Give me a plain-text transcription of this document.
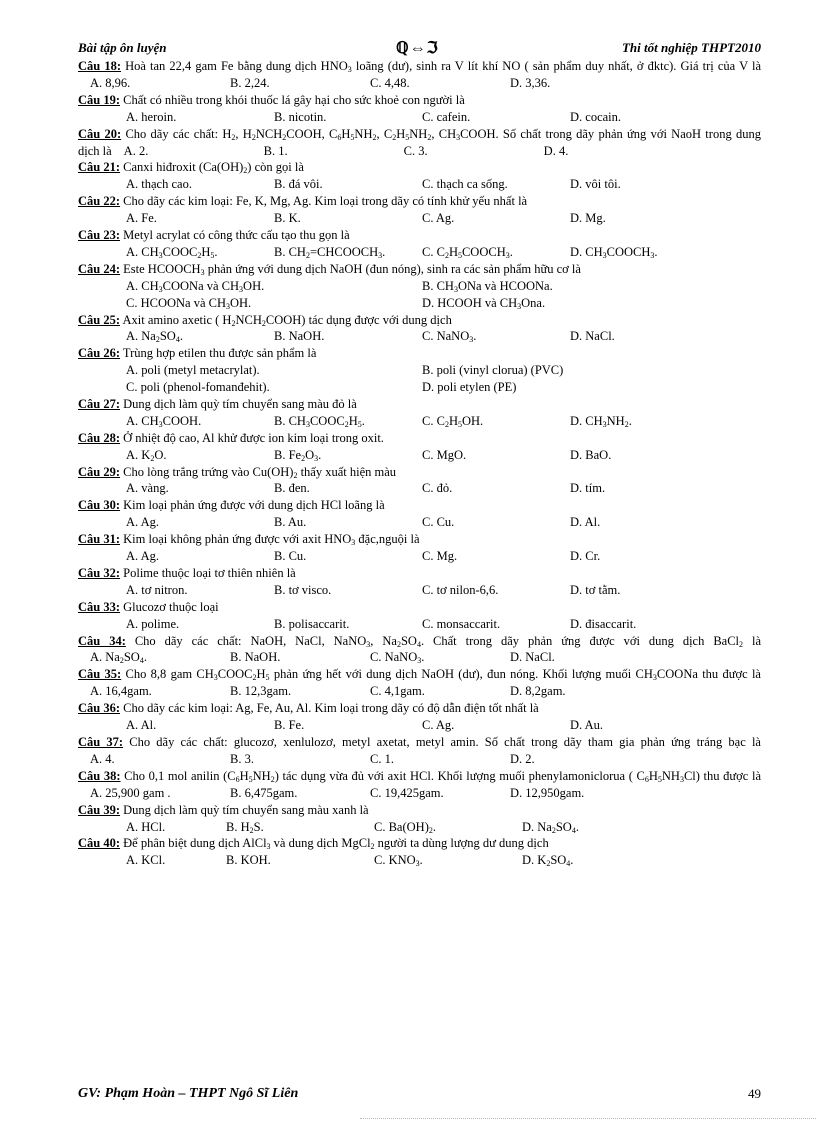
Bài tập ôn luyện	ℚ⇔ℑ	Thi tốt nghiệp THPT2010
Câu 18: Hoà tan 22,4 gam Fe bằng dung dịch $HNO_3$ loãng (dư), sinh ra V lít khí NO ( sản phẩm duy nhất, ở đktc). Giá trị của V làA. 8,96.	B. 2,24.	C. 4,48.	D. 3,36.
Câu 19: Chất có nhiều trong khói thuốc lá gây hại cho sức khoẻ con người là
A. heroin.	B. nicotin.	C. cafein.	D. cocain.
Câu 20: Cho dãy các chất: $H_2$, $H_2NCH_2COOH$, $C_6H_5NH_2$, $C_2H_5NH_2$, $CH_3COOH$. Số chất trong dãy phản ứng với NaoH trong dung dịch là A. 2.	B. 1.	C. 3.	D. 4.
Câu 21: Canxi hiđroxit $(Ca(OH)_2)$ còn gọi là
A. thạch cao.	B. đá vôi.	C. thạch ca sống.	D. vôi tôi.
Câu 22: Cho dãy các kim loại: Fe, K, Mg, Ag. Kim loại trong dãy có tính khử yếu nhất là
A. Fe.	B. K.	C. Ag.	D. Mg.
Câu 23: Metyl acrylat có công thức cấu tạo thu gọn là
A. $CH_3COOC_2H_5$.	B. $CH_2=CHCOOCH_3$.	C. $C_2H_5COOCH_3$.	D. $CH_3COOCH_3$.
Câu 24: Este $HCOOCH_3$ phản ứng với dung dịch NaOH (đun nóng), sinh ra các sản phẩm hữu cơ là
A. $CH_3COONa$ và $CH_3OH$.	B. $CH_3ONa$ và HCOONa.
C. HCOONa và $CH_3OH$.	D. HCOOH và $CH_3Ona$.
Câu 25: Axit amino axetic ( $H_2NCH_2COOH$) tác dụng được với dung dịch
A. $Na_2SO_4$.	B. NaOH.	C. NaNO$_3$.	D. NaCl.
Câu 26: Trùng hợp etilen thu được sản phẩm là
A. poli (metyl metacrylat).	B. poli (vinyl clorua) (PVC)
C. poli (phenol-fomanđehit).	D. poli etylen (PE)
Câu 27: Dung dịch làm quỳ tím chuyển sang màu đỏ là
A. $CH_3COOH$.	B. $CH_3COOC_2H_5$.	C. $C_2H_5OH$.	D. $CH_3NH_2$.
Câu 28: Ở nhiệt độ cao, Al khử được ion kim loại trong oxit.
A. $K_2O$.	B. $Fe_2O_3$.	C. MgO.	D. BaO.
Câu 29: Cho lòng trắng trứng vào $Cu(OH)_2$ thấy xuất hiện màu
A. vàng.	B. đen.	C. đỏ.	D. tím.
Câu 30: Kim loại phản ứng được với dung dịch HCl loãng là
A. Ag.	B. Au.	C. Cu.	D. Al.
Câu 31: Kim loại không phản ứng được với axit $HNO_3$ đặc,nguội là
A. Ag.	B. Cu.	C. Mg.	D. Cr.
Câu 32: Polime thuộc loại tơ thiên nhiên là
A. tơ nitron.	B. tơ visco.	C. tơ nilon-6,6.	D. tơ tằm.
Câu 33: Glucozơ thuộc loại
A. polime.	B. polisaccarit.	C. monsaccarit.	D. đisaccarit.
Câu 34: Cho dãy các chất: NaOH, NaCl, NaNO$_3$, $Na_2SO_4$. Chất trong dãy phản ứng được với dung dịch BaCl$_2$ làA. $Na_2SO_4$.	B. NaOH.	C. NaNO$_3$.	D. NaCl.
Câu 35: Cho 8,8 gam $CH_3COOC_2H_5$ phản ứng hết với dung dịch NaOH (dư), đun nóng. Khối lượng muối $CH_3COONa$ thu được làA. 16,4gam.	B. 12,3gam.	C. 4,1gam.	D. 8,2gam.
Câu 36: Cho dãy các kim loại: Ag, Fe, Au, Al. Kim loại trong dãy có độ dẫn điện tốt nhất là
A. Al.	B. Fe.	C. Ag.	D. Au.
Câu 37: Cho dãy các chất: glucozơ, xenlulozơ, metyl axetat, metyl amin. Số chất trong dãy tham gia phản ứng tráng bạc làA. 4.	B. 3.	C. 1.	D. 2.
Câu 38: Cho 0,1 mol anilin $(C_6H_5NH_2)$ tác dụng vừa đủ với axit HCl. Khối lượng muối phenylamoniclorua ( $C_6H_5NH_3Cl$) thu được làA. 25,900 gam .	B. 6,475gam.	C. 19,425gam.	D. 12,950gam.
Câu 39: Dung dịch làm quỳ tím chuyển sang màu xanh là
A. HCl.	B. $H_2S$.	C. $Ba(OH)_2$.	D. $Na_2SO_4$.
Câu 40: Để phân biệt dung dịch AlCl$_3$ và dung dịch MgCl$_2$ người ta dùng lượng dư dung dịch
A. KCl.	B. KOH.	C. $KNO_3$.	D. $K_2SO_4$.
GV: Phạm Hoàn – THPT Ngô Sĩ Liên	49
